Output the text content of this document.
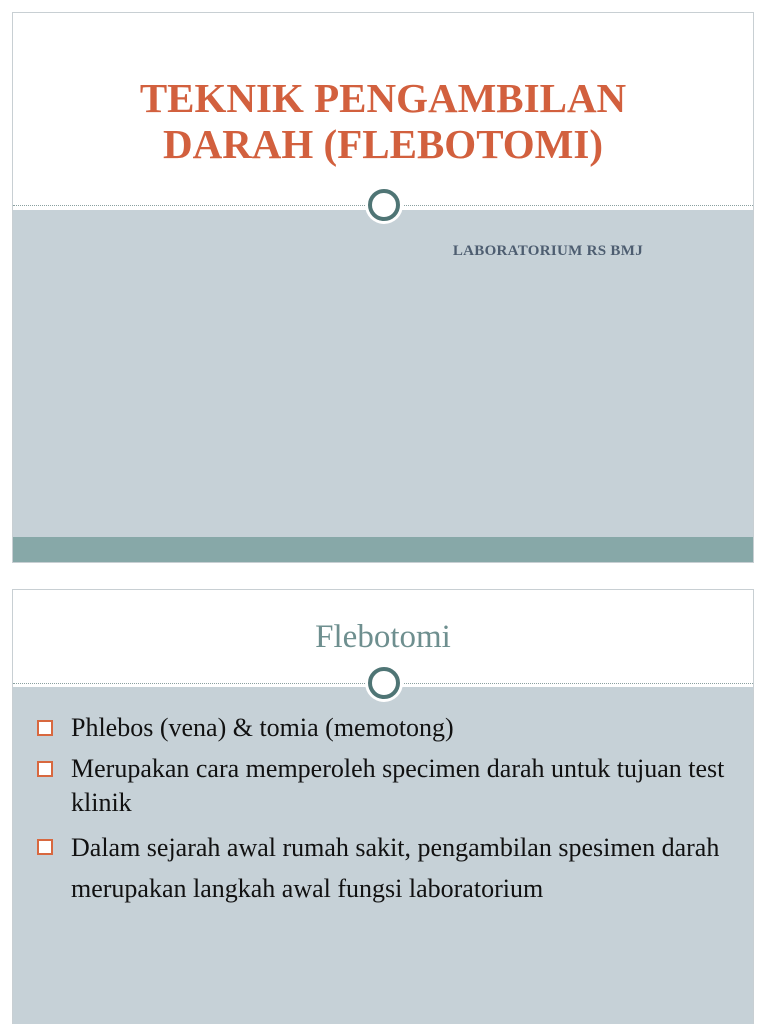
TEKNIK PENGAMBILAN
DARAH (FLEBOTOMI)

LABORATORIUM RS BMJ

Flebotomi
Phlebos (vena) & tomia (memotong)
Merupakan cara memperoleh specimen darah untuk tujuan test klinik
Dalam sejarah awal rumah sakit, pengambilan spesimen darah merupakan langkah awal fungsi laboratorium
